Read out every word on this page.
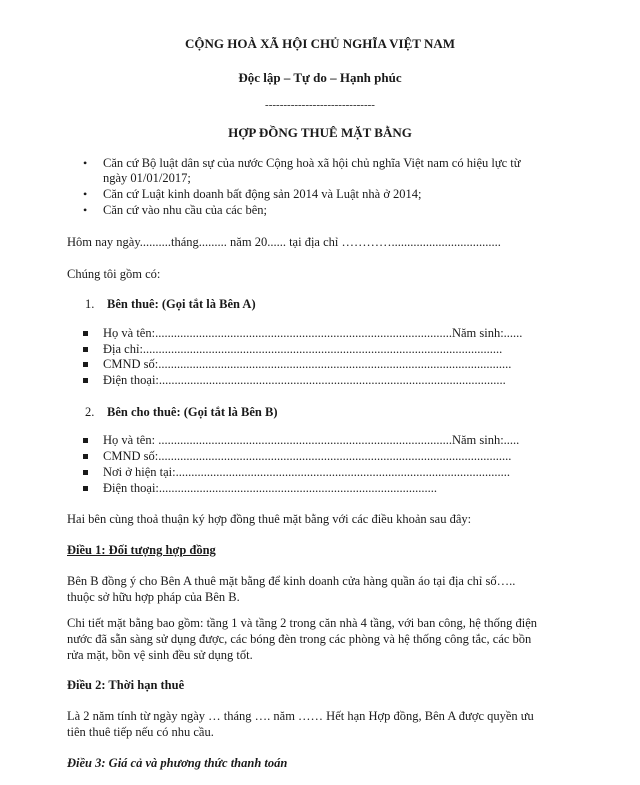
CỘNG HOÀ XÃ HỘI CHỦ NGHĨA VIỆT NAM
Độc lập – Tự do – Hạnh phúc
------------------------------
HỢP ĐỒNG THUÊ MẶT BẰNG
• Căn cứ Bộ luật dân sự của nước Cộng hoà xã hội chủ nghĩa Việt nam có hiệu lực từ
ngày 01/01/2017;
• Căn cứ Luật kinh doanh bất động sản 2014 và Luật nhà ở 2014;
• Căn cứ vào nhu cầu của các bên;
Hôm nay ngày..........tháng......... năm 20...... tại địa chỉ …………...................................
Chúng tôi gồm có:
1. Bên thuê: (Gọi tắt là Bên A)
Họ và tên:...............................................................................................Năm sinh:......
Địa chỉ:...................................................................................................................
CMND số:.................................................................................................................
Điện thoại:...............................................................................................................
2. Bên cho thuê: (Gọi tắt là Bên B)
Họ và tên: ..............................................................................................Năm sinh:.....
CMND số:.................................................................................................................
Nơi ở hiện tại:...........................................................................................................
Điện thoại:.........................................................................................
Hai bên cùng thoả thuận ký hợp đồng thuê mặt bằng với các điều khoản sau đây:
Điều 1: Đối tượng hợp đồng
Bên B đồng ý cho Bên A thuê mặt bằng để kinh doanh cửa hàng quần áo tại địa chỉ số…..
thuộc sở hữu hợp pháp của Bên B.
Chi tiết mặt bằng bao gồm: tầng 1 và tầng 2 trong căn nhà 4 tầng, với ban công, hệ thống điện
nước đã sẵn sàng sử dụng được, các bóng đèn trong các phòng và hệ thống công tắc, các bồn
rửa mặt, bồn vệ sinh đều sử dụng tốt.
Điều 2: Thời hạn thuê
Là 2 năm tính từ ngày ngày … tháng …. năm …… Hết hạn Hợp đồng, Bên A được quyền ưu
tiên thuê tiếp nếu có nhu cầu.
Điều 3: Giá cả và phương thức thanh toán
